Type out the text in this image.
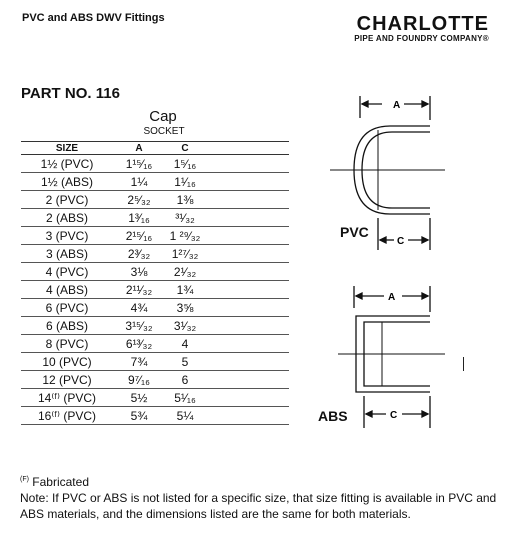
PVC and ABS DWV Fittings	CHARLOTTE
PIPE AND FOUNDRY COMPANY®
PART NO. 116
Cap
SOCKET
SIZE	A	C	
1½ (PVC)	1¹⁵⁄₁₆	1⁵⁄₁₆	
1½ (ABS)	1¼	1¹⁄₁₆	
2 (PVC)	2⁵⁄₃₂	1⅜	
2 (ABS)	1³⁄₁₆	³¹⁄₃₂	
3 (PVC)	2¹⁵⁄₁₆	1 ²⁹⁄₃₂	
3 (ABS)	2³⁄₃₂	1²⁷⁄₃₂	
4 (PVC)	3⅛	2¹⁄₃₂	
4 (ABS)	2¹¹⁄₃₂	1¾	
6 (PVC)	4¾	3⅝	
6 (ABS)	3¹⁵⁄₃₂	3¹⁄₃₂	
8 (PVC)	6¹³⁄₃₂	4	
10 (PVC)	7¾	5	
12 (PVC)	9⁷⁄₁₆	6	
14⁽ᶠ⁾ (PVC)	5½	5¹⁄₁₆	
16⁽ᶠ⁾ (PVC)	5¾	5¼	
A
C
A
C
PVC
ABS
$^{(F)}$ Fabricated
Note: If PVC or ABS is not listed for a specific size, that size fitting is available in PVC and ABS materials, and the dimensions listed are the same for both materials.
